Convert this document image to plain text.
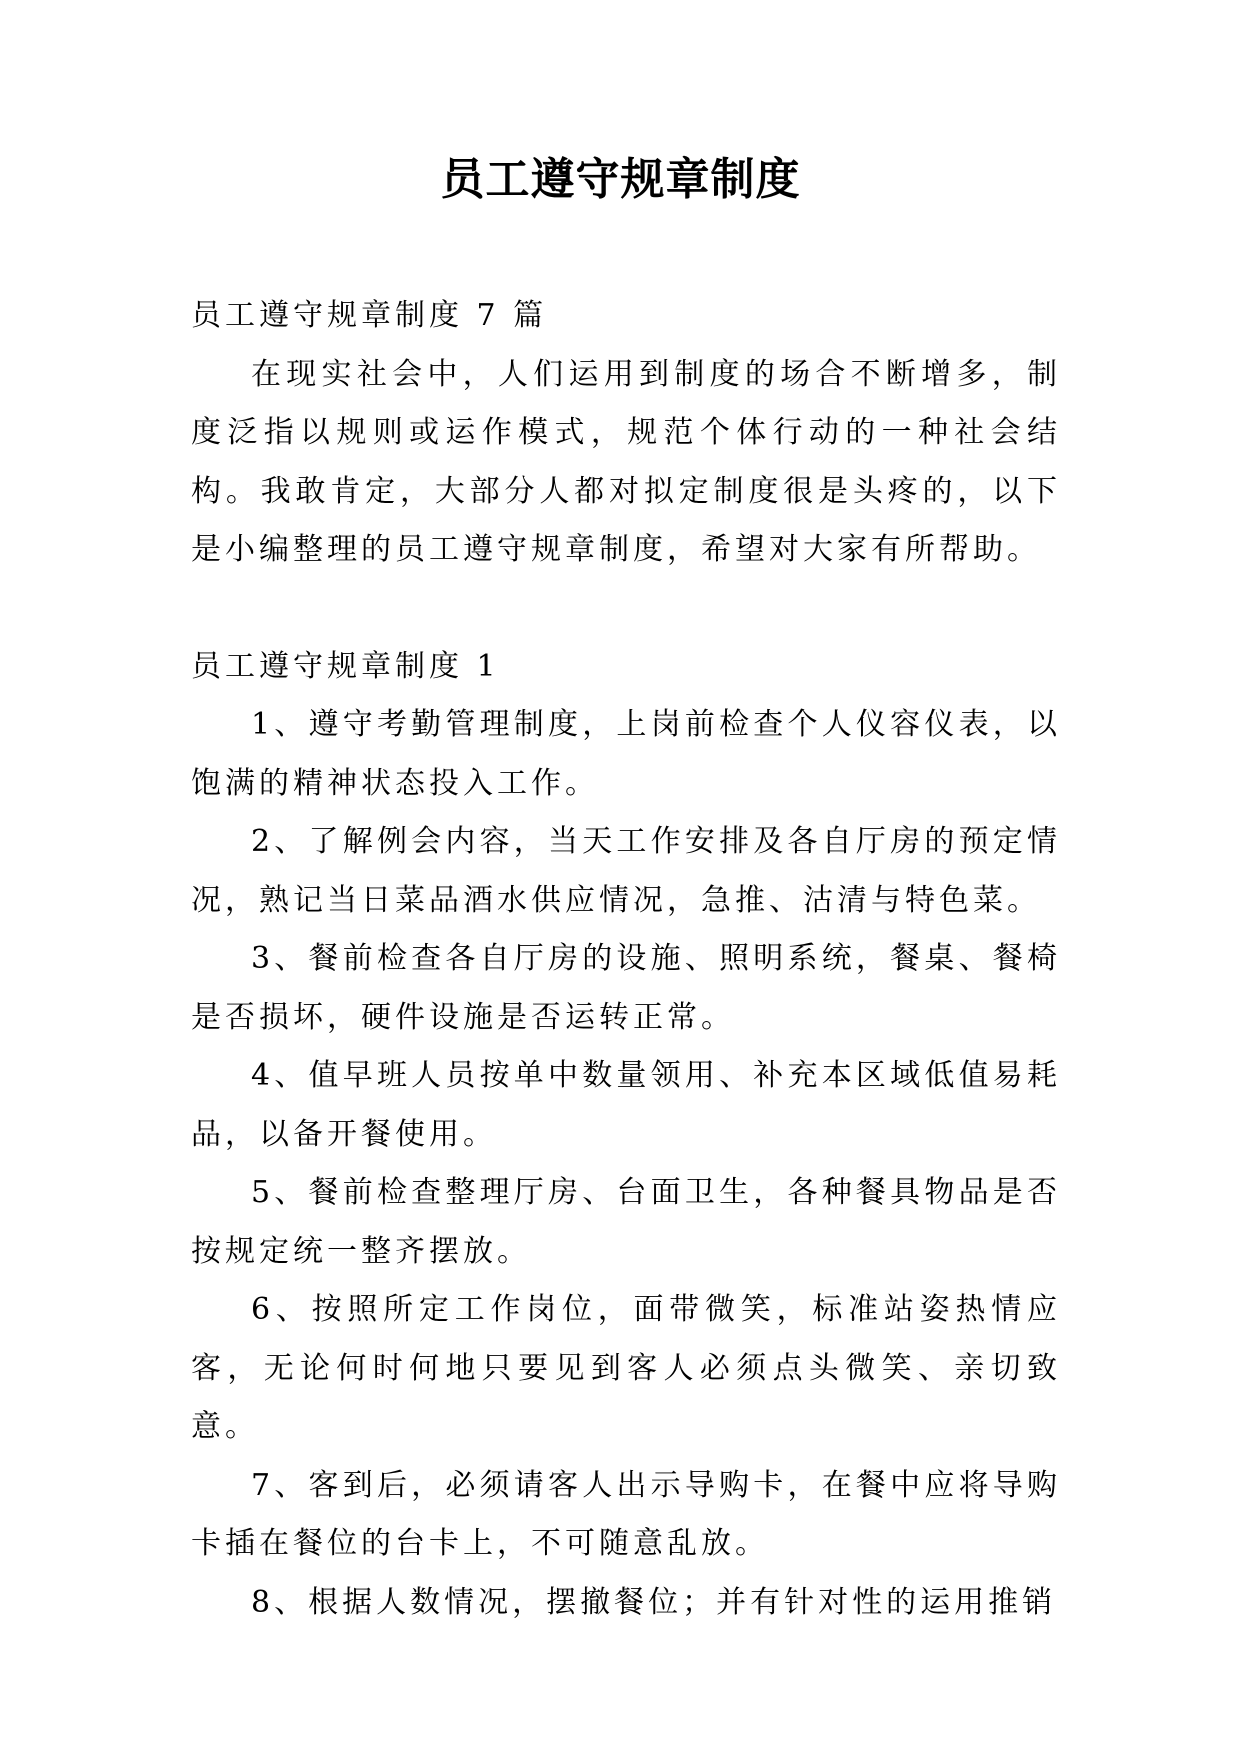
员工遵守规章制度

员工遵守规章制度 7 篇

在现实社会中，人们运用到制度的场合不断增多，制度泛指以规则或运作模式，规范个体行动的一种社会结构。我敢肯定，大部分人都对拟定制度很是头疼的，以下是小编整理的员工遵守规章制度，希望对大家有所帮助。

员工遵守规章制度 1

1、遵守考勤管理制度，上岗前检查个人仪容仪表，以饱满的精神状态投入工作。

2、了解例会内容，当天工作安排及各自厅房的预定情况，熟记当日菜品酒水供应情况，急推、沽清与特色菜。

3、餐前检查各自厅房的设施、照明系统，餐桌、餐椅是否损坏，硬件设施是否运转正常。

4、值早班人员按单中数量领用、补充本区域低值易耗品，以备开餐使用。

5、餐前检查整理厅房、台面卫生，各种餐具物品是否按规定统一整齐摆放。

6、按照所定工作岗位，面带微笑，标准站姿热情应客，无论何时何地只要见到客人必须点头微笑、亲切致意。

7、客到后，必须请客人出示导购卡，在餐中应将导购卡插在餐位的台卡上，不可随意乱放。

8、根据人数情况，摆撤餐位；并有针对性的运用推销
